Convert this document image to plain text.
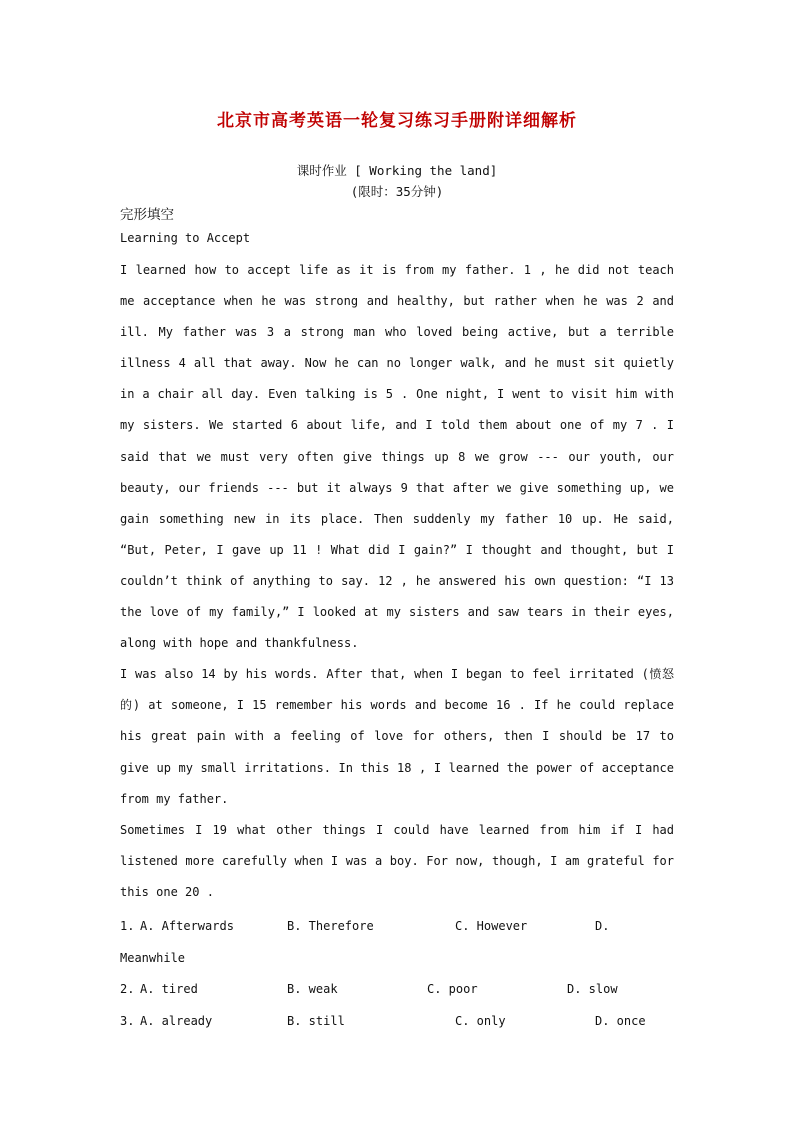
北京市高考英语一轮复习练习手册附详细解析
课时作业 [ Working the land]
(限时：35分钟)
完形填空
Learning to Accept

I learned how to accept life as it is from my father. 1 , he did not teach me acceptance when he was strong and healthy, but rather when he was 2 and ill. My father was 3 a strong man who loved being active, but a terrible illness 4 all that away. Now he can no longer walk, and he must sit quietly in a chair all day. Even talking is 5 . One night, I went to visit him with my sisters. We started 6 about life, and I told them about one of my 7 . I said that we must very often give things up 8 we grow --- our youth, our beauty, our friends --- but it always 9 that after we give something up, we gain something new in its place. Then suddenly my father 10 up. He said, “But, Peter, I gave up 11 ! What did I gain?” I thought and thought, but I couldn’t think of anything to say. 12 , he answered his own question: “I 13 the love of my family,” I looked at my sisters and saw tears in their eyes, along with hope and thankfulness.

I was also 14 by his words. After that, when I began to feel irritated (愤怒的) at someone, I 15 remember his words and become 16 . If he could replace his great pain with a feeling of love for others, then I should be 17 to give up my small irritations. In this 18 , I learned the power of acceptance from my father.

Sometimes I 19 what other things I could have learned from him if I had listened more carefully when I was a boy. For now, though, I am grateful for this one 20 .

1. A. Afterwards	B. Therefore	C. However	D.
Meanwhile
2. A. tired	B. weak	C. poor	D. slow
3. A. already	B. still	C. only	D. once
